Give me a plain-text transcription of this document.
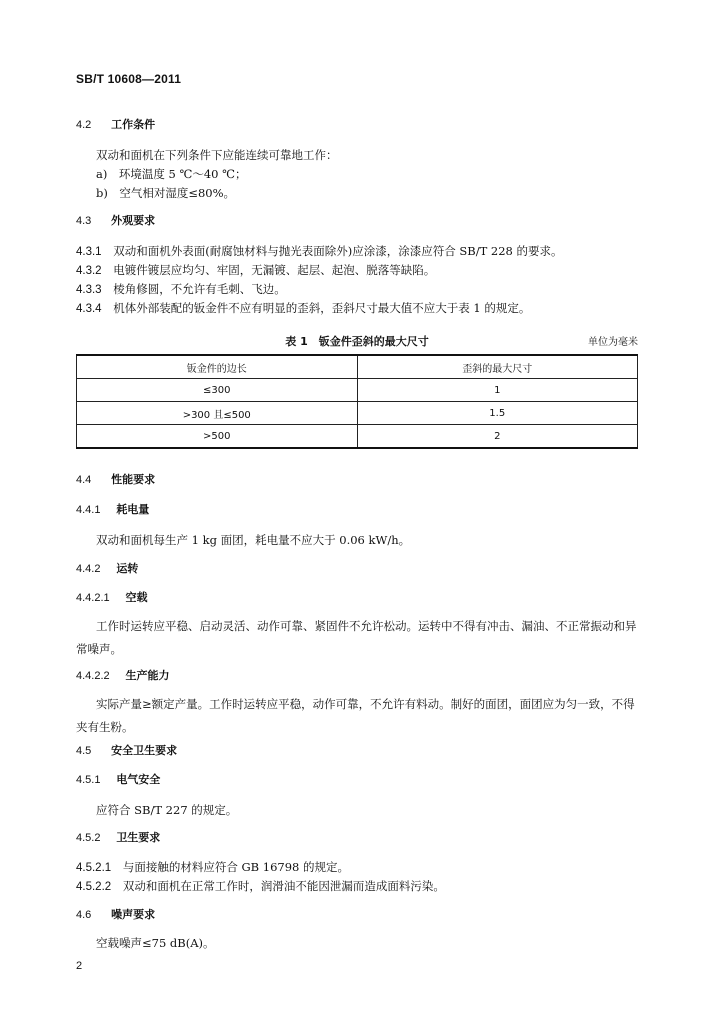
SB/T 10608—2011
4.2 工作条件
双动和面机在下列条件下应能连续可靠地工作：
a)　环境温度 5 ℃～40 ℃；
b)　空气相对湿度≤80%。
4.3 外观要求
4.3.1 双动和面机外表面(耐腐蚀材料与抛光表面除外)应涂漆，涂漆应符合 SB/T 228 的要求。
4.3.2 电镀件镀层应均匀、牢固，无漏镀、起层、起泡、脱落等缺陷。
4.3.3 棱角修圆，不允许有毛刺、飞边。
4.3.4 机体外部装配的钣金件不应有明显的歪斜，歪斜尺寸最大值不应大于表 1 的规定。
表 1　钣金件歪斜的最大尺寸	单位为毫米
钣金件的边长	歪斜的最大尺寸
≤300	1
>300 且≤500	1.5
>500	2
4.4 性能要求
4.4.1 耗电量
双动和面机每生产 1 kg 面团，耗电量不应大于 0.06 kW/h。
4.4.2 运转
4.4.2.1 空载
工作时运转应平稳、启动灵活、动作可靠、紧固件不允许松动。运转中不得有冲击、漏油、不正常振动和异常噪声。
4.4.2.2 生产能力
实际产量≥额定产量。工作时运转应平稳，动作可靠，不允许有料动。制好的面团，面团应为匀一致，不得夹有生粉。
4.5 安全卫生要求
4.5.1 电气安全
应符合 SB/T 227 的规定。
4.5.2 卫生要求
4.5.2.1 与面接触的材料应符合 GB 16798 的规定。
4.5.2.2 双动和面机在正常工作时，润滑油不能因泄漏而造成面料污染。
4.6 噪声要求
空载噪声≤75 dB(A)。
2
